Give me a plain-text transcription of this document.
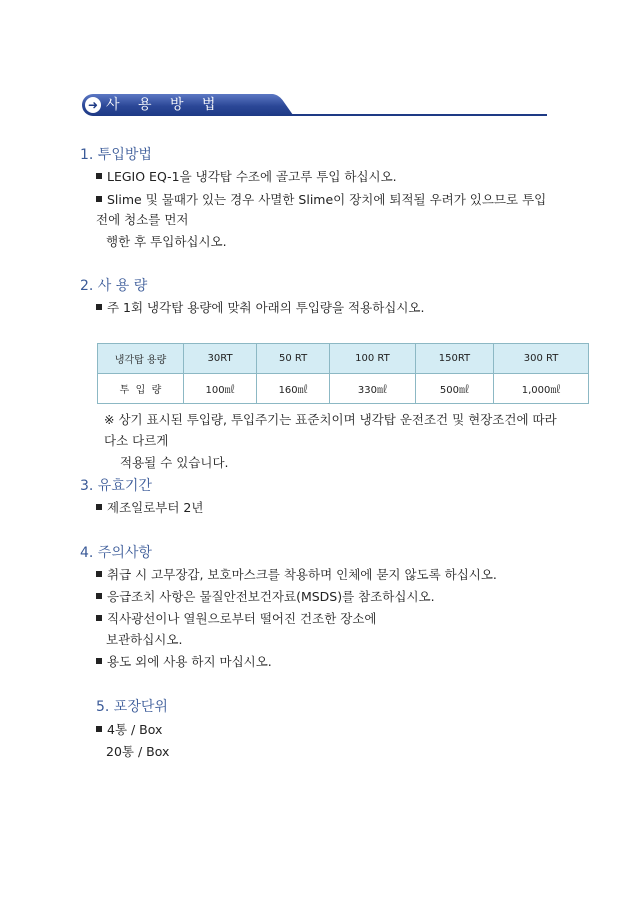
➜ 사 용 방 법
1. 투입방법
LEGIO EQ-1을 냉각탑 수조에 골고루 투입 하십시오.
Slime 및 물때가 있는 경우 사멸한 Slime이 장치에 퇴적될 우려가 있으므로 투입
전에 청소를 먼저
행한 후 투입하십시오.
2. 사 용 량
주 1회 냉각탑 용량에 맞춰 아래의 투입량을 적용하십시오.
냉각탑 용량	30RT	50 RT	100 RT	150RT	300 RT
투  입  량	100㎖	160㎖	330㎖	500㎖	1,000㎖
※ 상기 표시된 투입량, 투입주기는 표준치이며 냉각탑 운전조건 및 현장조건에 따라
다소 다르게
적용될 수 있습니다.
3. 유효기간
제조일로부터 2년
4. 주의사항
취급 시 고무장갑, 보호마스크를 착용하며 인체에 묻지 않도록 하십시오.
응급조치 사항은 물질안전보건자료(MSDS)를 참조하십시오.
직사광선이나 열원으로부터 떨어진 건조한 장소에
보관하십시오.
용도 외에 사용 하지 마십시오.
5. 포장단위
4통 / Box
20통 / Box
